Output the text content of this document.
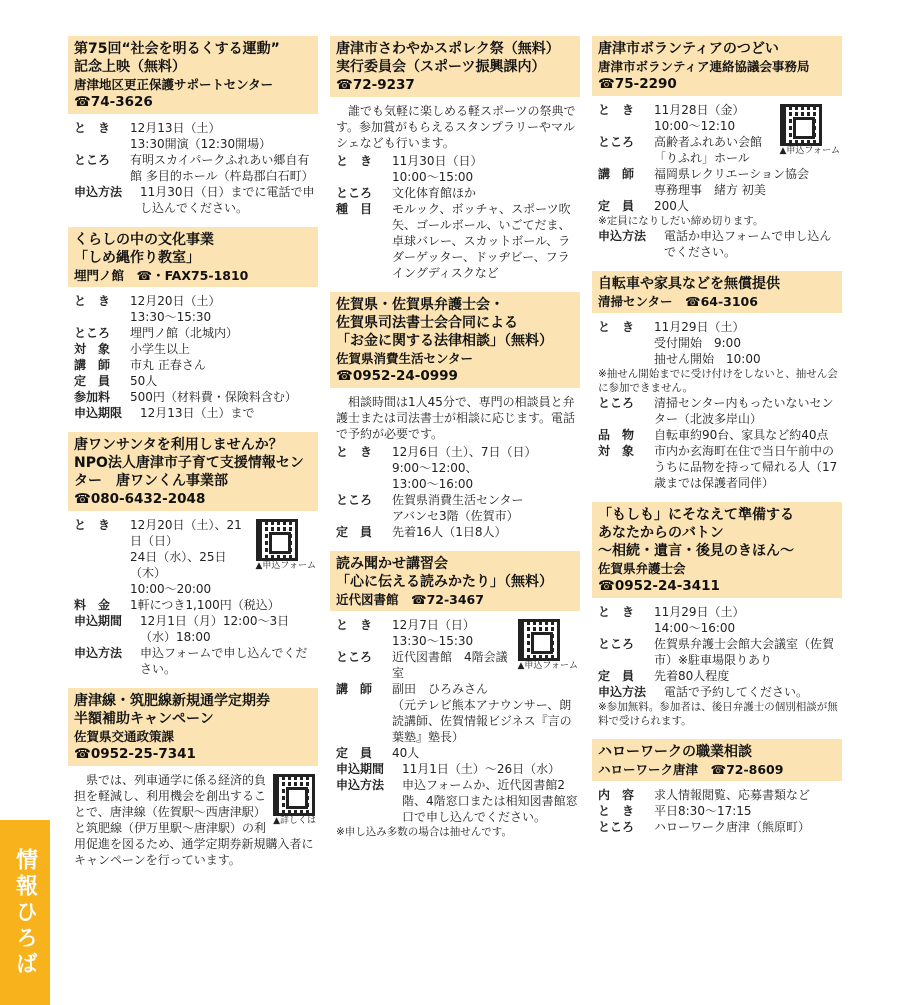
第75回“社会を明るくする運動”
記念上映（無料）
唐津地区更正保護サポートセンター
☎74-3626
と　き	12月13日（土）
13:30開演（12:30開場）
ところ	有明スカイパークふれあい郷自有館 多目的ホール（杵島郡白石町）
申込方法	11月30日（日）までに電話で申し込んでください。
くらしの中の文化事業
「しめ縄作り教室」
埋門ノ館　☎・FAX75-1810
と　き	12月20日（土）
13:30～15:30
ところ	埋門ノ館（北城内）
対　象	小学生以上
講　師	市丸 正春さん
定　員	50人
参加料	500円（材料費・保険料含む）
申込期限	12月13日（土）まで
唐ワンサンタを利用しませんか？
NPO法人唐津市子育て支援情報センター　唐ワンくん事業部
☎080-6432-2048
▲申込フォーム
と　き	12月20日（土）、21日（日）
24日（水）、25日（木）
10:00～20:00
料　金	1軒につき1,100円（税込）
申込期間	12月1日（月）12:00～3日（水）18:00
申込方法	申込フォームで申し込んでください。
唐津線・筑肥線新規通学定期券
半額補助キャンペーン
佐賀県交通政策課
☎0952-25-7341
▲詳しくは
県では、列車通学に係る経済的負担を軽減し、利用機会を創出することで、唐津線（佐賀駅～西唐津駅）と筑肥線（伊万里駅～唐津駅）の利用促進を図るため、通学定期券新規購入者にキャンペーンを行っています。
唐津市さわやかスポレク祭（無料）
実行委員会（スポーツ振興課内）
☎72-9237
誰でも気軽に楽しめる軽スポーツの祭典です。参加賞がもらえるスタンプラリーやマルシェなども行います。
と　き	11月30日（日）
10:00～15:00
ところ	文化体育館ほか
種　目	モルック、ボッチャ、スポーツ吹矢、ゴールボール、いごてだま、卓球バレー、スカットボール、ラダーゲッター、ドッヂビー、フライングディスクなど
佐賀県・佐賀県弁護士会・
佐賀県司法書士会合同による
「お金に関する法律相談」（無料）
佐賀県消費生活センター
☎0952-24-0999
相談時間は1人45分で、専門の相談員と弁護士または司法書士が相談に応じます。電話で予約が必要です。
と　き	12月6日（土）、7日（日）
9:00～12:00、
13:00～16:00
ところ	佐賀県消費生活センター
アバンセ3階（佐賀市）
定　員	先着16人（1日8人）
読み聞かせ講習会
「心に伝える読みかたり」（無料）
近代図書館　☎72-3467
▲申込フォーム
と　き	12月7日（日）
13:30～15:30
ところ	近代図書館　4階会議室
講　師	副田　ひろみさん
（元テレビ熊本アナウンサー、朗読講師、佐賀情報ビジネス『言の葉塾』塾長）
定　員	40人
申込期間	11月1日（土）～26日（水）
申込方法	申込フォームか、近代図書館2階、4階窓口または相知図書館窓口で申し込んでください。
※申し込み多数の場合は抽せんです。
唐津市ボランティアのつどい
唐津市ボランティア連絡協議会事務局
☎75-2290
▲申込フォーム
と　き	11月28日（金）
10:00～12:10
ところ	高齢者ふれあい会館「りふれ」ホール
講　師	福岡県レクリエーション協会
専務理事　緒方 初美
定　員	200人
※定員になりしだい締め切ります。
申込方法	電話か申込フォームで申し込んでください。
自転車や家具などを無償提供
清掃センター　☎64-3106
と　き	11月29日（土）
受付開始　9:00
抽せん開始　10:00
※抽せん開始までに受け付けをしないと、抽せん会に参加できません。
ところ	清掃センター内もったいないセンター（北波多岸山）
品　物	自転車約90台、家具など約40点
対　象	市内か玄海町在住で当日午前中のうちに品物を持って帰れる人（17歳までは保護者同伴）
「もしも」にそなえて準備する
あなたからのバトン
～相続・遺言・後見のきほん～
佐賀県弁護士会
☎0952-24-3411
と　き	11月29日（土）
14:00～16:00
ところ	佐賀県弁護士会館大会議室（佐賀市）※駐車場限りあり
定　員	先着80人程度
申込方法	電話で予約してください。
※参加無料。参加者は、後日弁護士の個別相談が無料で受けられます。
ハローワークの職業相談
ハローワーク唐津　☎72-8609
内　容	求人情報閲覧、応募書類など
と　き	平日8:30～17:15
ところ	ハローワーク唐津（熊原町）
情報ひろば
